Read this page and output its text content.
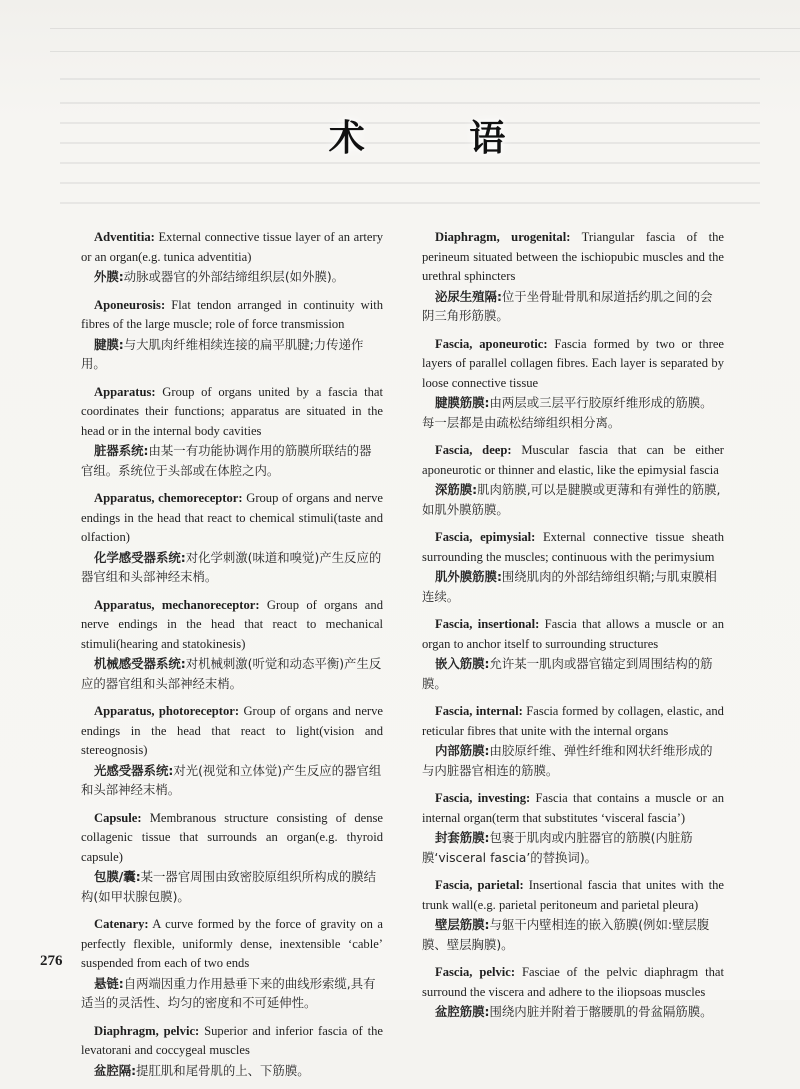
术 语

Adventitia: External connective tissue layer of an artery or an organ(e.g. tunica adventitia)

外膜:动脉或器官的外部结缔组织层(如外膜)。

Aponeurosis: Flat tendon arranged in continuity with fibres of the large muscle; role of force transmission

腱膜:与大肌肉纤维相续连接的扁平肌腱;力传递作用。

Apparatus: Group of organs united by a fascia that coordinates their functions; apparatus are situated in the head or in the internal body cavities

脏器系统:由某一有功能协调作用的筋膜所联结的器官组。系统位于头部或在体腔之内。

Apparatus, chemoreceptor: Group of organs and nerve endings in the head that react to chemical stimuli(taste and olfaction)

化学感受器系统:对化学刺激(味道和嗅觉)产生反应的器官组和头部神经末梢。

Apparatus, mechanoreceptor: Group of organs and nerve endings in the head that react to mechanical stimuli(hearing and statokinesis)

机械感受器系统:对机械刺激(听觉和动态平衡)产生反应的器官组和头部神经末梢。

Apparatus, photoreceptor: Group of organs and nerve endings in the head that react to light(vision and stereognosis)

光感受器系统:对光(视觉和立体觉)产生反应的器官组和头部神经末梢。

Capsule: Membranous structure consisting of dense collagenic tissue that surrounds an organ(e.g. thyroid capsule)

包膜/囊:某一器官周围由致密胶原组织所构成的膜结构(如甲状腺包膜)。

Catenary: A curve formed by the force of gravity on a perfectly flexible, uniformly dense, inextensible ‘cable’ suspended from each of two ends

悬链:自两端因重力作用悬垂下来的曲线形索缆,具有适当的灵活性、均匀的密度和不可延伸性。

Diaphragm, pelvic: Superior and inferior fascia of the levatorani and coccygeal muscles

盆腔隔:提肛肌和尾骨肌的上、下筋膜。

Diaphragm, urogenital: Triangular fascia of the perineum situated between the ischiopubic muscles and the urethral sphincters

泌尿生殖隔:位于坐骨耻骨肌和尿道括约肌之间的会阴三角形筋膜。

Fascia, aponeurotic: Fascia formed by two or three layers of parallel collagen fibres. Each layer is separated by loose connective tissue

腱膜筋膜:由两层或三层平行胶原纤维形成的筋膜。每一层都是由疏松结缔组织相分离。

Fascia, deep: Muscular fascia that can be either aponeurotic or thinner and elastic, like the epimysial fascia

深筋膜:肌肉筋膜,可以是腱膜或更薄和有弹性的筋膜,如肌外膜筋膜。

Fascia, epimysial: External connective tissue sheath surrounding the muscles; continuous with the perimysium

肌外膜筋膜:围绕肌肉的外部结缔组织鞘;与肌束膜相连续。

Fascia, insertional: Fascia that allows a muscle or an organ to anchor itself to surrounding structures

嵌入筋膜:允许某一肌肉或器官锚定到周围结构的筋膜。

Fascia, internal: Fascia formed by collagen, elastic, and reticular fibres that unite with the internal organs

内部筋膜:由胶原纤维、弹性纤维和网状纤维形成的与内脏器官相连的筋膜。

Fascia, investing: Fascia that contains a muscle or an internal organ(term that substitutes ‘visceral fascia’)

封套筋膜:包裹于肌肉或内脏器官的筋膜(内脏筋膜‘visceral fascia’的替换词)。

Fascia, parietal: Insertional fascia that unites with the trunk wall(e.g. parietal peritoneum and parietal pleura)

壁层筋膜:与躯干内壁相连的嵌入筋膜(例如:壁层腹膜、壁层胸膜)。

Fascia, pelvic: Fasciae of the pelvic diaphragm that surround the viscera and adhere to the iliopsoas muscles

盆腔筋膜:围绕内脏并附着于髂腰肌的骨盆隔筋膜。

276
